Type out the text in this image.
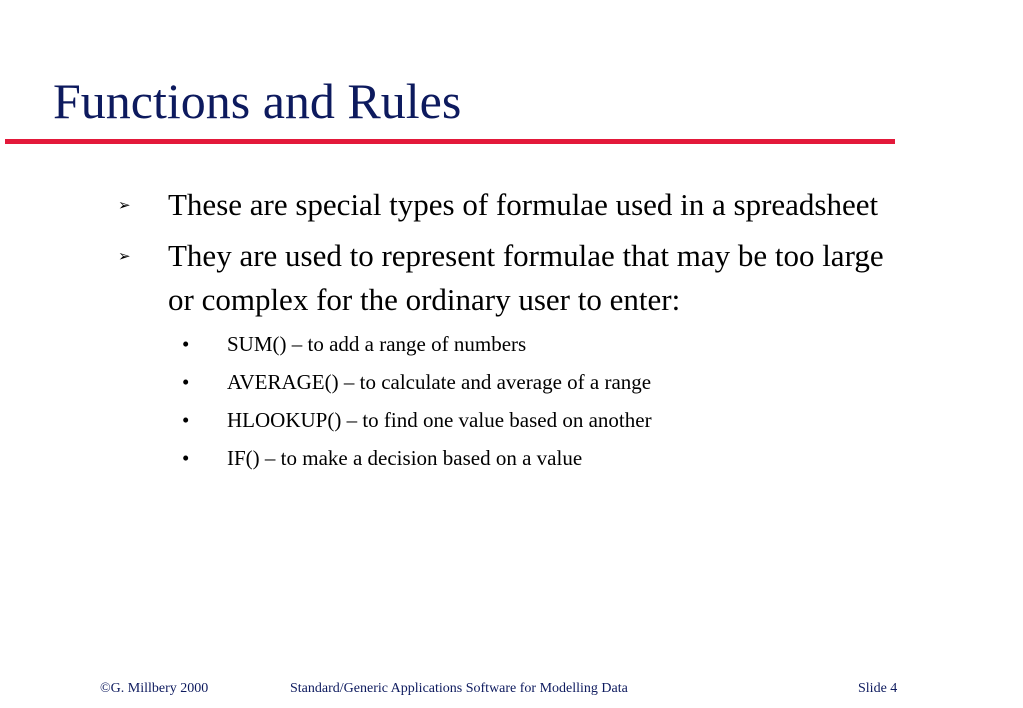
Functions and Rules
➢ These are special types of formulae used in a spreadsheet
➢ They are used to represent formulae that may be too large or complex for the ordinary user to enter:
• SUM() – to add a range of numbers
• AVERAGE() – to calculate and average of a range
• HLOOKUP() – to find one value based on another
• IF() – to make a decision based on a value
©G. Millbery 2000	Standard/Generic Applications Software for Modelling Data	Slide 4
